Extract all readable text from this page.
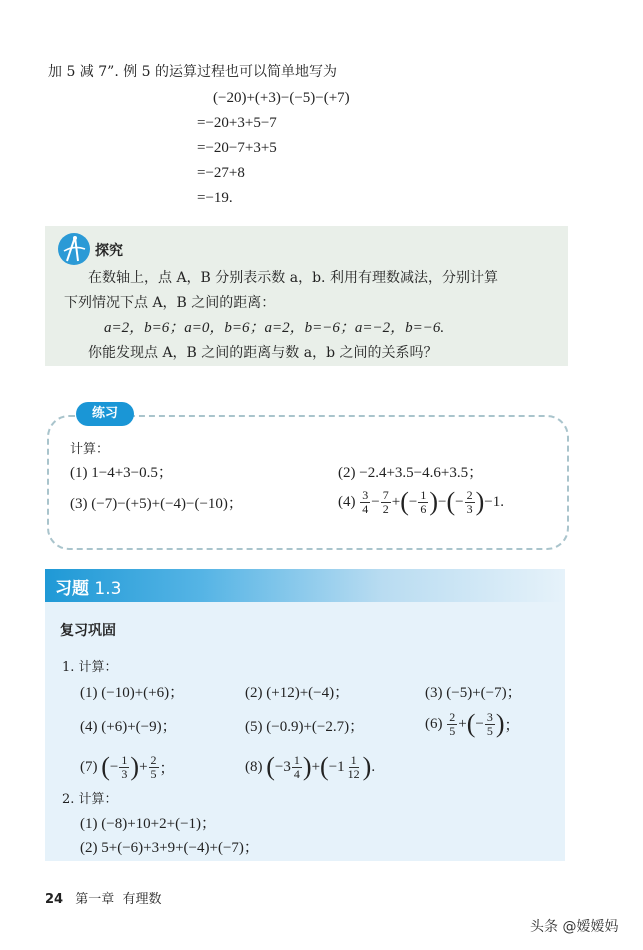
加 5 减 7”. 例 5 的运算过程也可以简单地写为
(−20)+(+3)−(−5)−(+7)
=−20+3+5−7
=−20−7+3+5
=−27+8
=−19.
探究
在数轴上，点 A，B 分别表示数 a，b. 利用有理数减法，分别计算
下列情况下点 A，B 之间的距离：
a=2，b=6；a=0，b=6；a=2，b=−6；a=−2，b=−6.
你能发现点 A，B 之间的距离与数 a，b 之间的关系吗？
练习
计算：
(1) 1−4+3−0.5；	(2) −2.4+3.5−4.6+3.5；
(3) (−7)−(+5)+(−4)−(−10)；	(4)
$\frac{3}{4} - \frac{7}{2}$ + ( − $\frac{1}{6}$ ) − ( − $\frac{2}{3}$ ) −1.
习题 1.3
复习巩固
1. 计算：
(1) (−10)+(+6)；	(2) (+12)+(−4)；	(3) (−5)+(−7)；
(4) (+6)+(−9)；	(5) (−0.9)+(−2.7)；	(6)
$\frac{2}{5}$ + ( − $\frac{3}{5}$ ) ；
(7)
( − $\frac{1}{3}$ ) + $\frac{2}{5}$ ；	(8)
( $-3 \frac{1}{4}$ ) + ( $-1 \frac{1}{12}$ ) .
2. 计算：
(1) (−8)+10+2+(−1)；
(2) 5+(−6)+3+9+(−4)+(−7)；
24 第一章 有理数
头条 @嫒嫒妈
